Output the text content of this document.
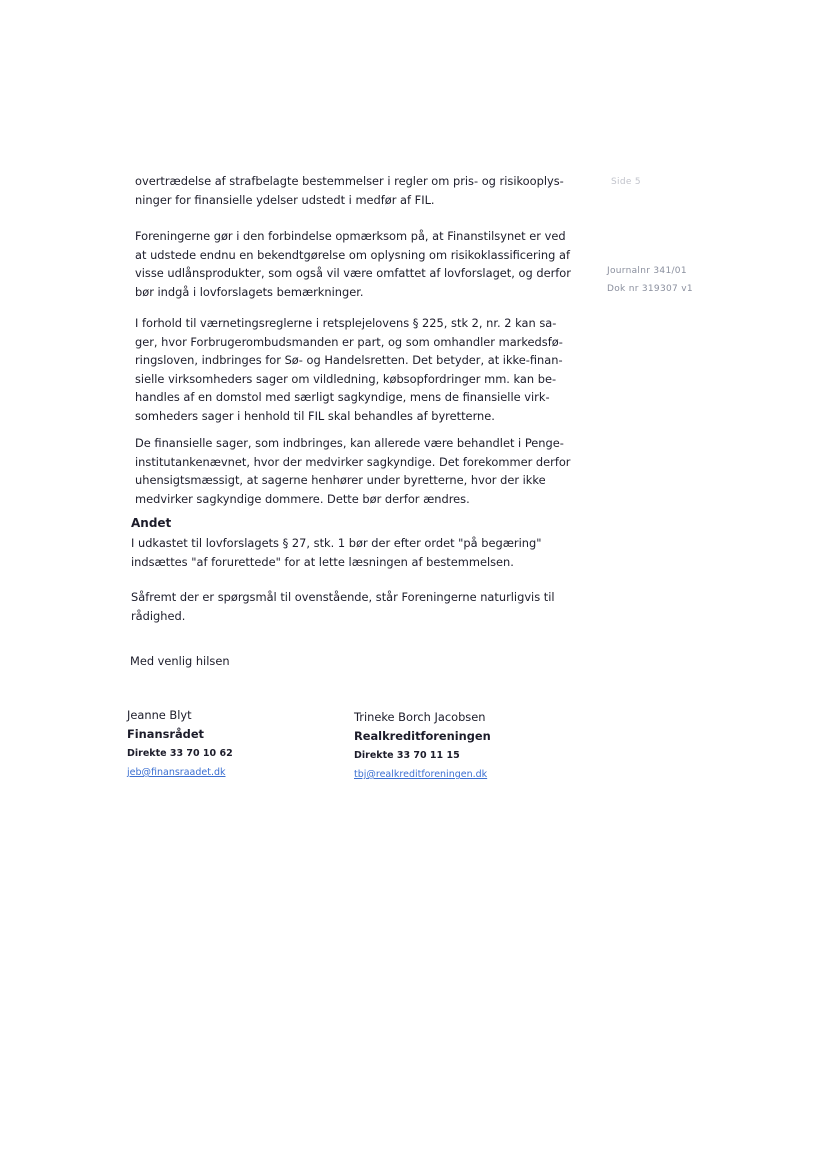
Side 5
Journalnr 341/01
Dok nr 319307 v1
overtrædelse af strafbelagte bestemmelser i regler om pris- og risikooplys-
ninger for finansielle ydelser udstedt i medfør af FIL.
Foreningerne gør i den forbindelse opmærksom på, at Finanstilsynet er ved
at udstede endnu en bekendtgørelse om oplysning om risikoklassificering af
visse udlånsprodukter, som også vil være omfattet af lovforslaget, og derfor
bør indgå i lovforslagets bemærkninger.
I forhold til værnetingsreglerne i retsplejelovens § 225, stk 2, nr. 2 kan sa-
ger, hvor Forbrugerombudsmanden er part, og som omhandler markedsfø-
ringsloven, indbringes for Sø- og Handelsretten. Det betyder, at ikke-finan-
sielle virksomheders sager om vildledning, købsopfordringer mm. kan be-
handles af en domstol med særligt sagkyndige, mens de finansielle virk-
somheders sager i henhold til FIL skal behandles af byretterne.
De finansielle sager, som indbringes, kan allerede være behandlet i Penge-
institutankenævnet, hvor der medvirker sagkyndige. Det forekommer derfor
uhensigtsmæssigt, at sagerne henhører under byretterne, hvor der ikke
medvirker sagkyndige dommere. Dette bør derfor ændres.
Andet
I udkastet til lovforslagets § 27, stk. 1 bør der efter ordet "på begæring"
indsættes "af forurettede" for at lette læsningen af bestemmelsen.
Såfremt der er spørgsmål til ovenstående, står Foreningerne naturligvis til
rådighed.
Med venlig hilsen
Jeanne Blyt
Finansrådet
Direkte 33 70 10 62
jeb@finansraadet.dk
Trineke Borch Jacobsen
Realkreditforeningen
Direkte 33 70 11 15
tbj@realkreditforeningen.dk
